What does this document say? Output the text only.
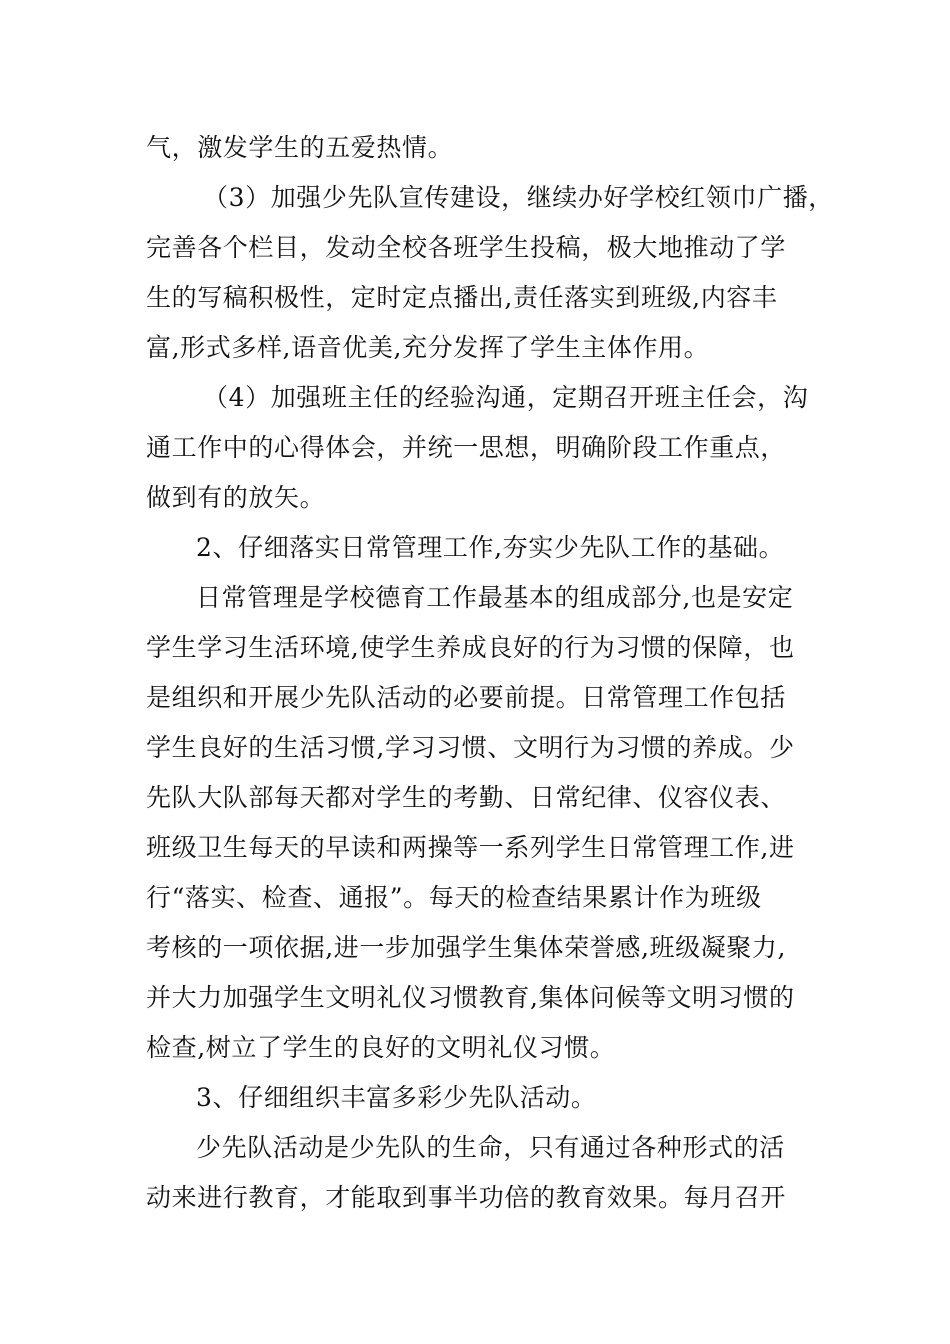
气，激发学生的五爱热情。
（3）加强少先队宣传建设，继续办好学校红领巾广播，
完善各个栏目，发动全校各班学生投稿，极大地推动了学
生的写稿积极性，定时定点播出,责任落实到班级,内容丰
富,形式多样,语音优美,充分发挥了学生主体作用。
（4）加强班主任的经验沟通，定期召开班主任会，沟
通工作中的心得体会，并统一思想，明确阶段工作重点，
做到有的放矢。
2、仔细落实日常管理工作,夯实少先队工作的基础。
日常管理是学校德育工作最基本的组成部分,也是安定
学生学习生活环境,使学生养成良好的行为习惯的保障，也
是组织和开展少先队活动的必要前提。日常管理工作包括
学生良好的生活习惯,学习习惯、文明行为习惯的养成。少
先队大队部每天都对学生的考勤、日常纪律、仪容仪表、
班级卫生每天的早读和两操等一系列学生日常管理工作,进
行“落实、检查、通报”。每天的检查结果累计作为班级
考核的一项依据,进一步加强学生集体荣誉感,班级凝聚力,
并大力加强学生文明礼仪习惯教育,集体问候等文明习惯的
检查,树立了学生的良好的文明礼仪习惯。
3、仔细组织丰富多彩少先队活动。
少先队活动是少先队的生命，只有通过各种形式的活
动来进行教育，才能取到事半功倍的教育效果。每月召开
